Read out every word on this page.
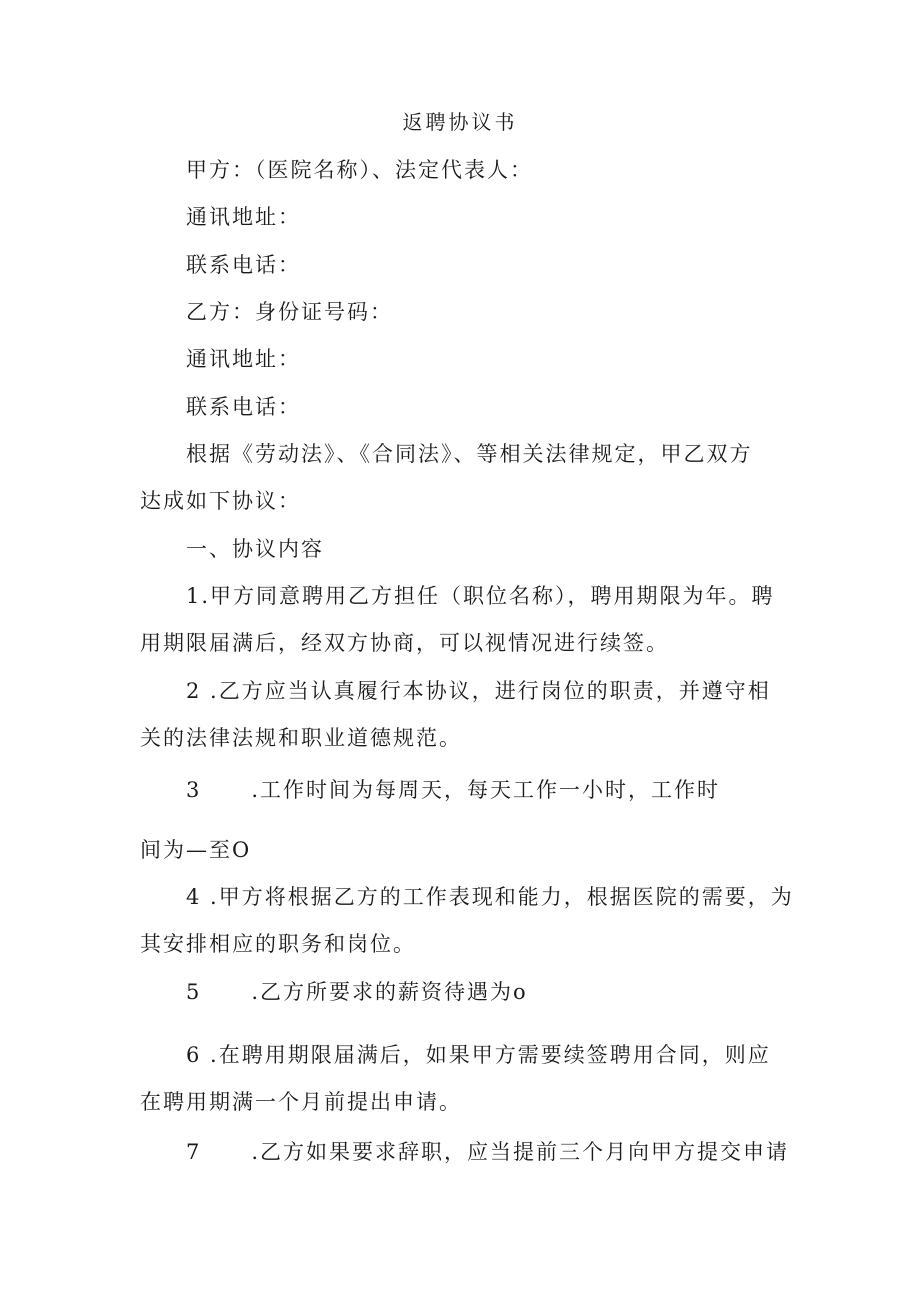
返聘协议书
甲方：（医院名称）、法定代表人：
通讯地址：
联系电话：
乙方：身份证号码：
通讯地址：
联系电话：
根据《劳动法》、《合同法》、等相关法律规定，甲乙双方
达成如下协议：
一、协议内容
1.甲方同意聘用乙方担任（职位名称），聘用期限为年。聘
用期限届满后，经双方协商，可以视情况进行续签。
2 .乙方应当认真履行本协议，进行岗位的职责，并遵守相
关的法律法规和职业道德规范。
3 .工作时间为每周天，每天工作一小时，工作时
间为—至O
4 .甲方将根据乙方的工作表现和能力，根据医院的需要，为
其安排相应的职务和岗位。
5 .乙方所要求的薪资待遇为o
6 .在聘用期限届满后，如果甲方需要续签聘用合同，则应
在聘用期满一个月前提出申请。
7 .乙方如果要求辞职，应当提前三个月向甲方提交申请
